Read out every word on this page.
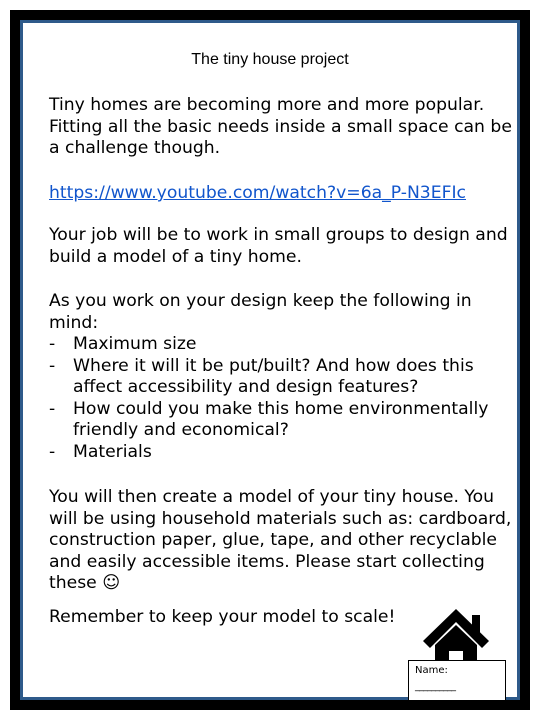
The tiny house project
Tiny homes are becoming more and more popular. Fitting all the basic needs inside a small space can be a challenge though.
https://www.youtube.com/watch?v=6a_P-N3EFIc
Your job will be to work in small groups to design and build a model of a tiny home.
As you work on your design keep the following in mind:
- Maximum size
- Where it will it be put/built? And how does this affect accessibility and design features?
- How could you make this home environmentally friendly and economical?
- Materials
You will then create a model of your tiny house. You will be using household materials such as: cardboard, construction paper, glue, tape, and other recyclable and easily accessible items. Please start collecting these ☺
Remember to keep your model to scale!
Name:
__________
